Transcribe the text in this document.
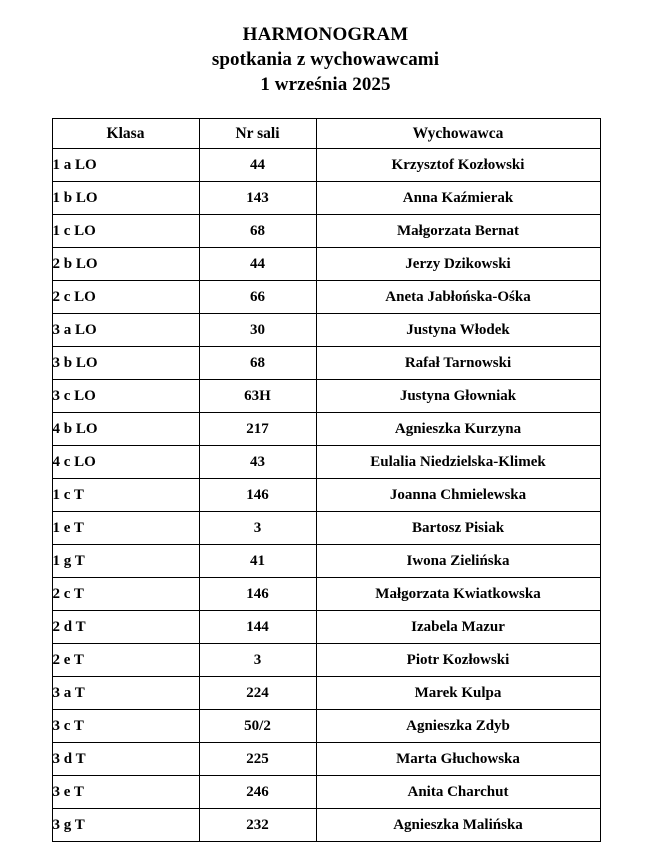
HARMONOGRAM
spotkania z wychowawcami
1 września 2025
Klasa	Nr sali	Wychowawca
1 a LO	44	Krzysztof Kozłowski
1 b LO	143	Anna Kaźmierak
1 c LO	68	Małgorzata Bernat
2 b LO	44	Jerzy Dzikowski
2 c LO	66	Aneta Jabłońska-Ośka
3 a LO	30	Justyna Włodek
3 b LO	68	Rafał Tarnowski
3 c LO	63H	Justyna Głowniak
4 b LO	217	Agnieszka Kurzyna
4 c LO	43	Eulalia Niedzielska-Klimek
1 c T	146	Joanna Chmielewska
1 e T	3	Bartosz Pisiak
1 g T	41	Iwona Zielińska
2 c T	146	Małgorzata Kwiatkowska
2 d T	144	Izabela Mazur
2 e T	3	Piotr Kozłowski
3 a T	224	Marek Kulpa
3 c T	50/2	Agnieszka Zdyb
3 d T	225	Marta Głuchowska
3 e T	246	Anita Charchut
3 g T	232	Agnieszka Malińska
